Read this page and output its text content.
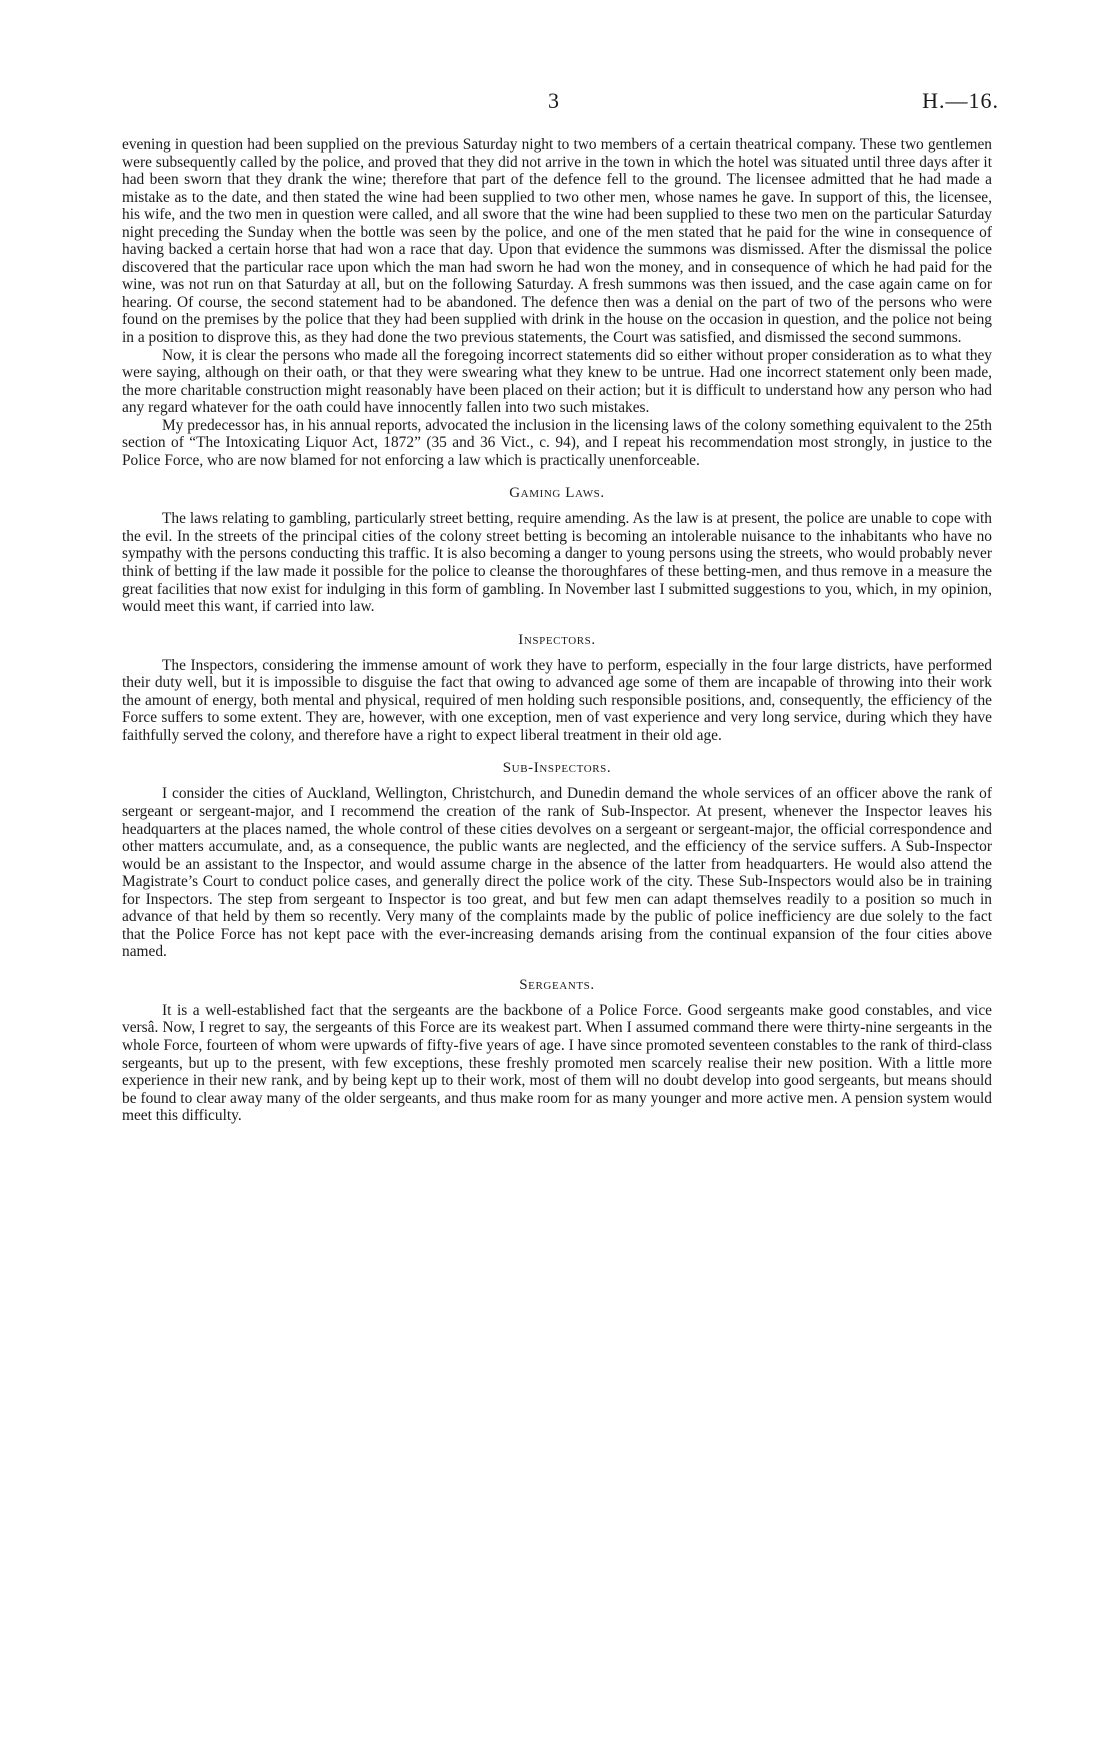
3	H.—16.

evening in question had been supplied on the previous Saturday night to two members of a certain theatrical company. These two gentlemen were subsequently called by the police, and proved that they did not arrive in the town in which the hotel was situated until three days after it had been sworn that they drank the wine; therefore that part of the defence fell to the ground. The licensee admitted that he had made a mistake as to the date, and then stated the wine had been supplied to two other men, whose names he gave. In support of this, the licensee, his wife, and the two men in question were called, and all swore that the wine had been supplied to these two men on the particular Saturday night preceding the Sunday when the bottle was seen by the police, and one of the men stated that he paid for the wine in consequence of having backed a certain horse that had won a race that day. Upon that evidence the summons was dismissed. After the dismissal the police discovered that the particular race upon which the man had sworn he had won the money, and in consequence of which he had paid for the wine, was not run on that Saturday at all, but on the following Saturday. A fresh summons was then issued, and the case again came on for hearing. Of course, the second statement had to be abandoned. The defence then was a denial on the part of two of the persons who were found on the premises by the police that they had been supplied with drink in the house on the occasion in question, and the police not being in a position to disprove this, as they had done the two previous statements, the Court was satisfied, and dismissed the second summons.

Now, it is clear the persons who made all the foregoing incorrect statements did so either without proper consideration as to what they were saying, although on their oath, or that they were swearing what they knew to be untrue. Had one incorrect statement only been made, the more charitable construction might reasonably have been placed on their action; but it is difficult to understand how any person who had any regard whatever for the oath could have innocently fallen into two such mistakes.

My predecessor has, in his annual reports, advocated the inclusion in the licensing laws of the colony something equivalent to the 25th section of “The Intoxicating Liquor Act, 1872” (35 and 36 Vict., c. 94), and I repeat his recommendation most strongly, in justice to the Police Force, who are now blamed for not enforcing a law which is practically unenforceable.

Gaming Laws.

The laws relating to gambling, particularly street betting, require amending. As the law is at present, the police are unable to cope with the evil. In the streets of the principal cities of the colony street betting is becoming an intolerable nuisance to the inhabitants who have no sympathy with the persons conducting this traffic. It is also becoming a danger to young persons using the streets, who would probably never think of betting if the law made it possible for the police to cleanse the thoroughfares of these betting-men, and thus remove in a measure the great facilities that now exist for indulging in this form of gambling. In November last I submitted suggestions to you, which, in my opinion, would meet this want, if carried into law.

Inspectors.

The Inspectors, considering the immense amount of work they have to perform, especially in the four large districts, have performed their duty well, but it is impossible to disguise the fact that owing to advanced age some of them are incapable of throwing into their work the amount of energy, both mental and physical, required of men holding such responsible positions, and, consequently, the efficiency of the Force suffers to some extent. They are, however, with one exception, men of vast experience and very long service, during which they have faithfully served the colony, and therefore have a right to expect liberal treatment in their old age.

Sub-Inspectors.

I consider the cities of Auckland, Wellington, Christchurch, and Dunedin demand the whole services of an officer above the rank of sergeant or sergeant-major, and I recommend the creation of the rank of Sub-Inspector. At present, whenever the Inspector leaves his headquarters at the places named, the whole control of these cities devolves on a sergeant or sergeant-major, the official correspondence and other matters accumulate, and, as a consequence, the public wants are neglected, and the efficiency of the service suffers. A Sub-Inspector would be an assistant to the Inspector, and would assume charge in the absence of the latter from headquarters. He would also attend the Magistrate’s Court to conduct police cases, and generally direct the police work of the city. These Sub-Inspectors would also be in training for Inspectors. The step from sergeant to Inspector is too great, and but few men can adapt themselves readily to a position so much in advance of that held by them so recently. Very many of the complaints made by the public of police inefficiency are due solely to the fact that the Police Force has not kept pace with the ever-increasing demands arising from the continual expansion of the four cities above named.

Sergeants.

It is a well-established fact that the sergeants are the backbone of a Police Force. Good sergeants make good constables, and vice versâ. Now, I regret to say, the sergeants of this Force are its weakest part. When I assumed command there were thirty-nine sergeants in the whole Force, fourteen of whom were upwards of fifty-five years of age. I have since promoted seventeen constables to the rank of third-class sergeants, but up to the present, with few exceptions, these freshly promoted men scarcely realise their new position. With a little more experience in their new rank, and by being kept up to their work, most of them will no doubt develop into good sergeants, but means should be found to clear away many of the older sergeants, and thus make room for as many younger and more active men. A pension system would meet this difficulty.
